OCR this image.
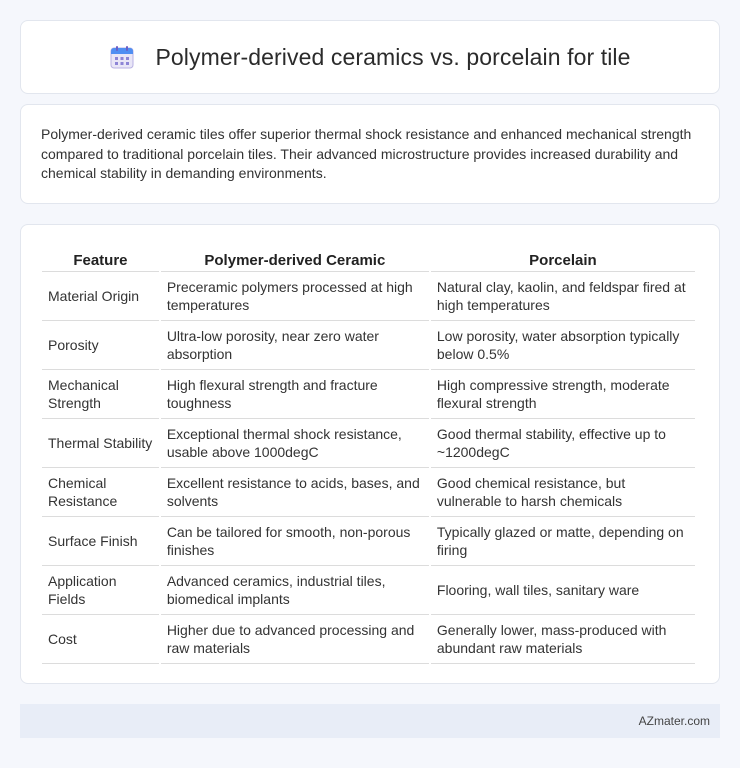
Polymer-derived ceramics vs. porcelain for tile

Polymer-derived ceramic tiles offer superior thermal shock resistance and enhanced mechanical strength compared to traditional porcelain tiles. Their advanced microstructure provides increased durability and chemical stability in demanding environments.

Feature	Polymer-derived Ceramic	Porcelain
Material Origin	Preceramic polymers processed at high temperatures	Natural clay, kaolin, and feldspar fired at high temperatures
Porosity	Ultra-low porosity, near zero water absorption	Low porosity, water absorption typically below 0.5%
Mechanical Strength	High flexural strength and fracture toughness	High compressive strength, moderate flexural strength
Thermal Stability	Exceptional thermal shock resistance, usable above 1000degC	Good thermal stability, effective up to ~1200degC
Chemical Resistance	Excellent resistance to acids, bases, and solvents	Good chemical resistance, but vulnerable to harsh chemicals
Surface Finish	Can be tailored for smooth, non-porous finishes	Typically glazed or matte, depending on firing
Application Fields	Advanced ceramics, industrial tiles, biomedical implants	Flooring, wall tiles, sanitary ware
Cost	Higher due to advanced processing and raw materials	Generally lower, mass-produced with abundant raw materials
AZmater.com
